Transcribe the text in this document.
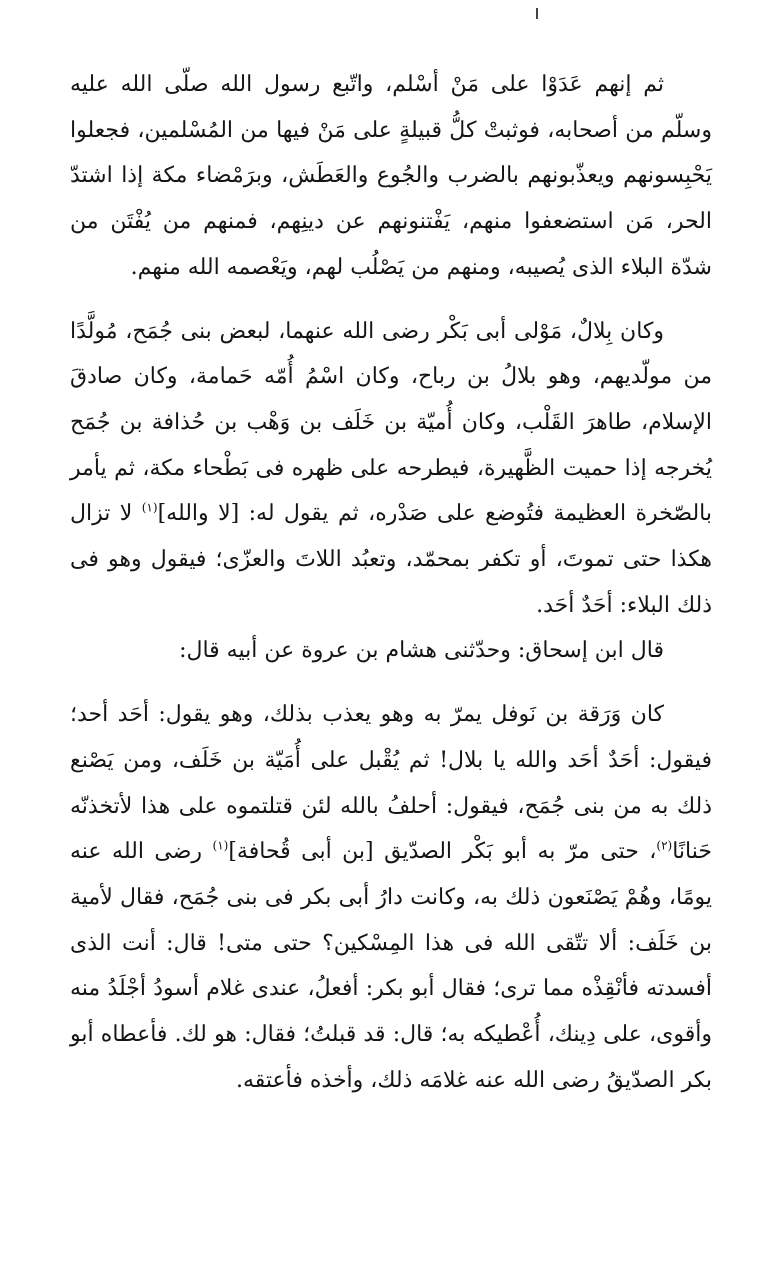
ثم إنهم عَدَوْا على مَنْ أسْلم، واتّبع رسول الله صلّى الله عليه وسلّم من أصحابه، فوثبتْ كلُّ قبيلةٍ على مَنْ فيها من المُسْلمين، فجعلوا يَحْبِسونهم ويعذّبونهم بالضرب والجُوع والعَطَش، وبرَمْضاء مكة إذا اشتدّ الحر، مَن استضعفوا منهم، يَفْتنونهم عن دينِهم، فمنهم من يُفْتَن من شدّة البلاء الذى يُصيبه، ومنهم من يَصْلُب لهم، ويَعْصمه الله منهم.

وكان بِلالٌ، مَوْلى أبى بَكْر رضى الله عنهما، لبعض بنى جُمَح، مُولَّدًا من مولّديهم، وهو بلالُ بن رباح، وكان اسْمُ أُمّه حَمامة، وكان صادقَ الإسلام، طاهرَ القَلْب، وكان أُميّة بن خَلَف بن وَهْب بن حُذافة بن جُمَح يُخرجه إذا حميت الظَّهيرة، فيطرحه على ظهره فى بَطْحاء مكة، ثم يأمر بالصّخرة العظيمة فتُوضع على صَدْره، ثم يقول له: [لا والله]$^{(١)}$ لا تزال هكذا حتى تموتَ، أو تكفر بمحمّد، وتعبُد اللاتَ والعزّى؛ فيقول وهو فى ذلك البلاء: أحَدٌ أحَد.

قال ابن إسحاق: وحدّثنى هشام بن عروة عن أبيه قال:

كان وَرَقة بن نَوفل يمرّ به وهو يعذب بذلك، وهو يقول: أحَد أحد؛ فيقول: أحَدٌ أحَد والله يا بلال! ثم يُقْبل على أُمَيّة بن خَلَف، ومن يَصْنع ذلك به من بنى جُمَح، فيقول: أحلفُ بالله لئن قتلتموه على هذا لأتخذنّه حَنانًا$^{(٢)}$، حتى مرّ به أبو بَكْر الصدّيق [بن أبى قُحافة]$^{(١)}$ رضى الله عنه يومًا، وهُمْ يَصْنَعون ذلك به، وكانت دارُ أبى بكر فى بنى جُمَح، فقال لأمية بن خَلَف: ألا تتّقى الله فى هذا المِسْكين؟ حتى متى! قال: أنت الذى أفسدته فأنْقِذْه مما ترى؛ فقال أبو بكر: أفعلُ، عندى غلام أسودُ أجْلَدُ منه وأقوى، على دِينك، أُعْطيكه به؛ قال: قد قبلتُ؛ فقال: هو لك. فأعطاه أبو بكر الصدّيقُ رضى الله عنه غلامَه ذلك، وأخذه فأعتقه.
